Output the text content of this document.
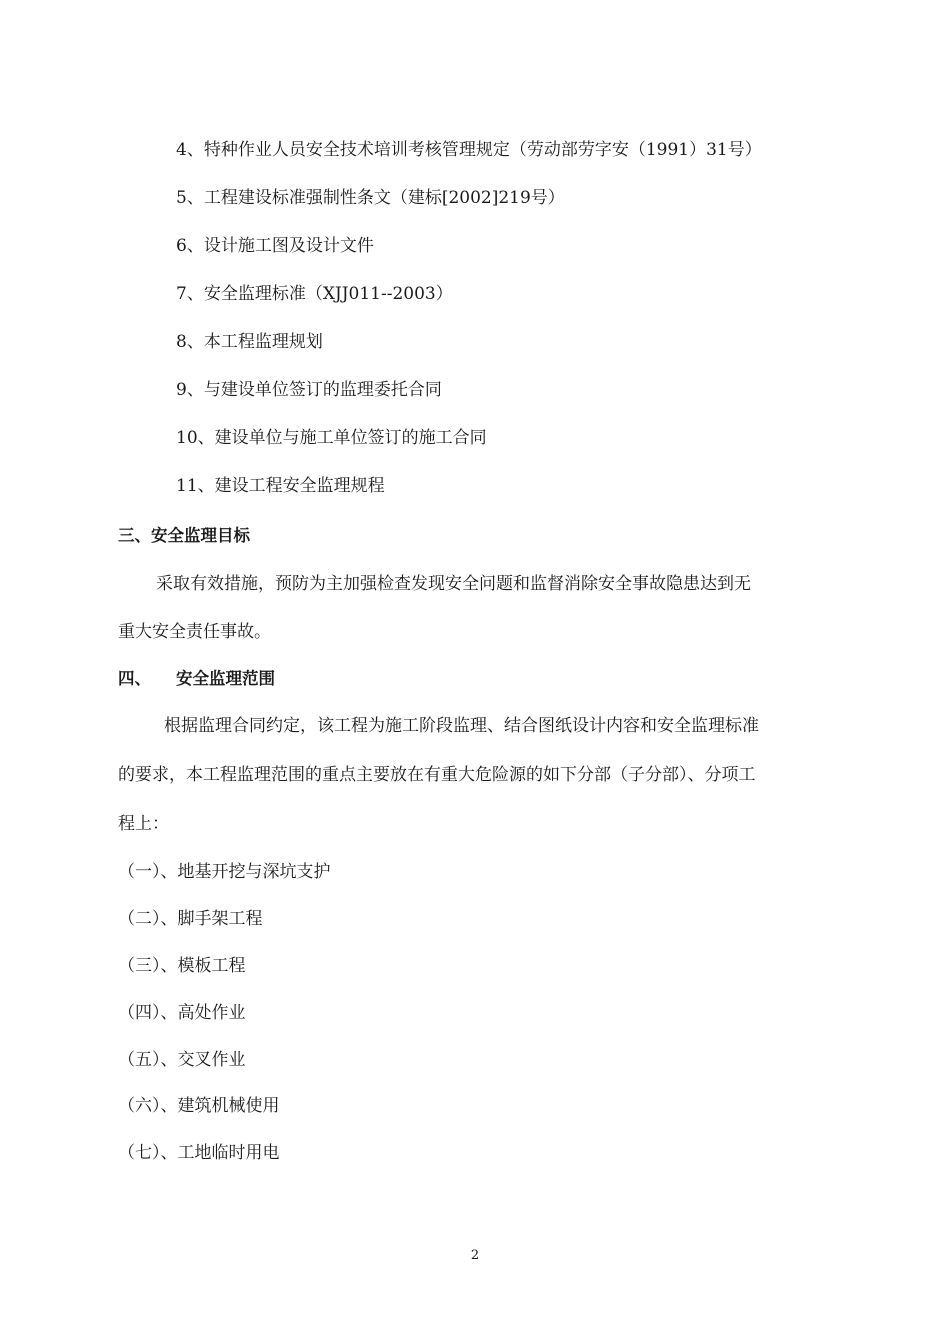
4、特种作业人员安全技术培训考核管理规定（劳动部劳字安（1991）31号）
5、工程建设标准强制性条文（建标[2002]219号）
6、设计施工图及设计文件
7、安全监理标准（XJJ011--2003）
8、本工程监理规划
9、与建设单位签订的监理委托合同
10、建设单位与施工单位签订的施工合同
11、建设工程安全监理规程
三、安全监理目标
采取有效措施，预防为主加强检查发现安全问题和监督消除安全事故隐患达到无
重大安全责任事故。
四、 安全监理范围
根据监理合同约定，该工程为施工阶段监理、结合图纸设计内容和安全监理标准
的要求，本工程监理范围的重点主要放在有重大危险源的如下分部（子分部）、分项工
程上：
（一）、地基开挖与深坑支护
（二）、脚手架工程
（三）、模板工程
（四）、高处作业
（五）、交叉作业
（六）、建筑机械使用
（七）、工地临时用电
2
